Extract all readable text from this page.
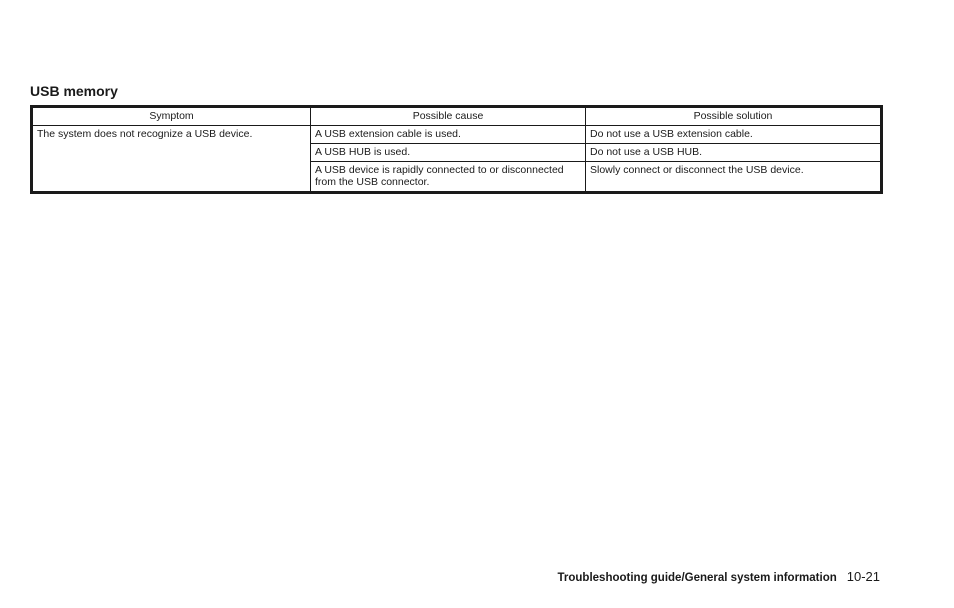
USB memory
Symptom	Possible cause	Possible solution
The system does not recognize a USB device.	A USB extension cable is used.	Do not use a USB extension cable.
	A USB HUB is used.	Do not use a USB HUB.
	A USB device is rapidly connected to or disconnected from the USB connector.	Slowly connect or disconnect the USB device.
Troubleshooting guide/General system information 10-21
